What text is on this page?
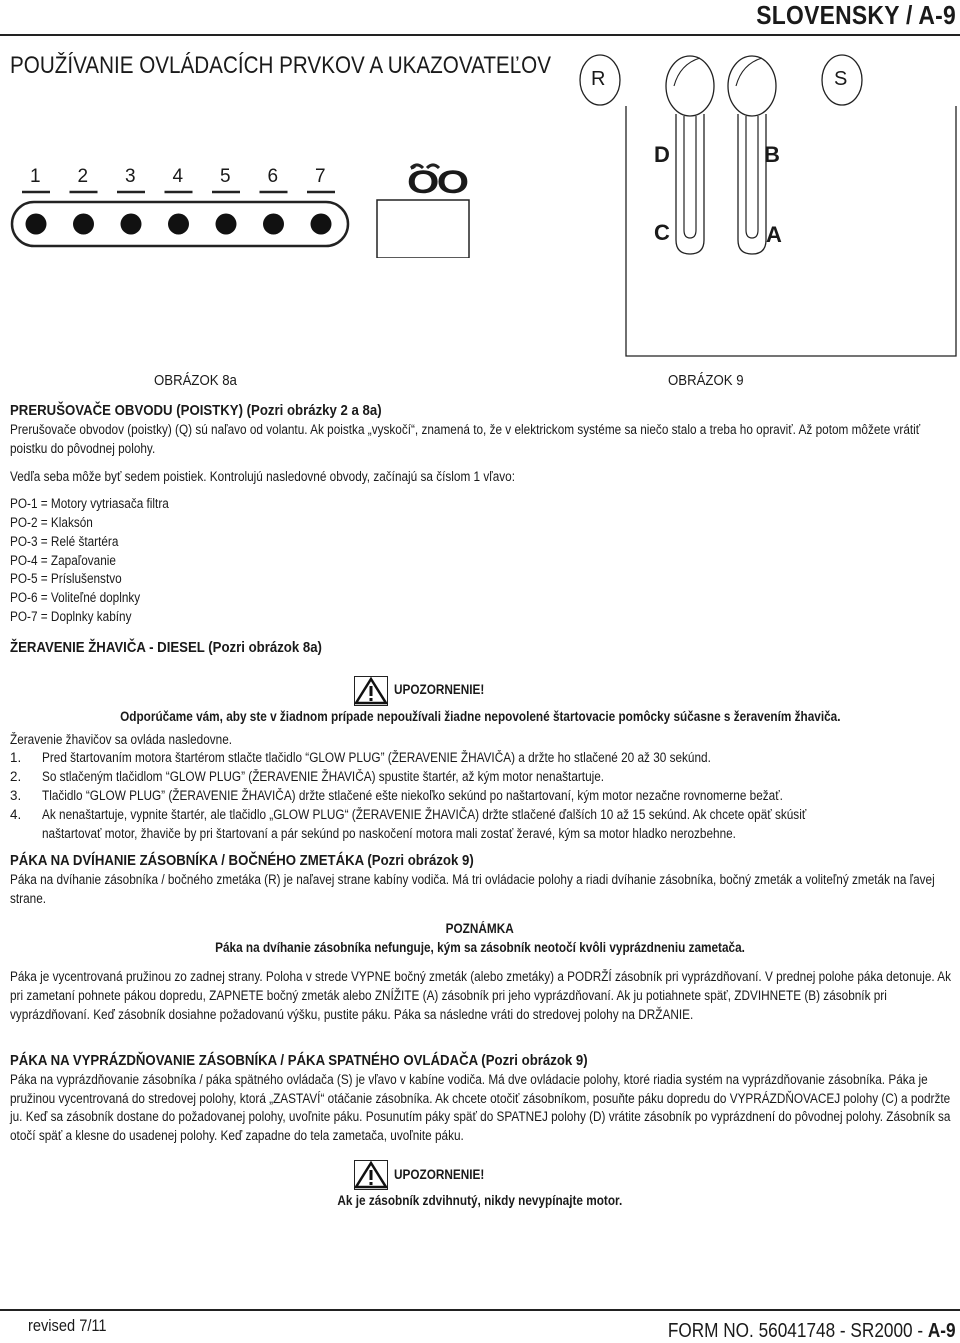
SLOVENSKY / A-9
POUŽÍVANIE OVLÁDACÍCH PRVKOV A UKAZOVATEĽOV
1 2 3 4 5 6 7	OO
R	S
D	B
C	A
OBRÁZOK 8a	OBRÁZOK 9
PRERUŠOVAČE OBVODU (POISTKY) (Pozri obrázky 2 a 8a)
Prerušovače obvodov (poistky) (Q) sú naľavo od volantu. Ak poistka „vyskočí“, znamená to, že v elektrickom systéme sa niečo stalo a treba ho opraviť. Až potom môžete vrátiť poistku do pôvodnej polohy.
Vedľa seba môže byť sedem poistiek. Kontrolujú nasledovné obvody, začínajú sa číslom 1 vľavo:
PO-1 = Motory vytriasača filtra
PO-2 = Klaksón
PO-3 = Relé štartéra
PO-4 = Zapaľovanie
PO-5 = Príslušenstvo
PO-6 = Voliteľné doplnky
PO-7 = Doplnky kabíny
ŽERAVENIE ŽHAVIČA - DIESEL (Pozri obrázok 8a)
UPOZORNENIE!
Odporúčame vám, aby ste v žiadnom prípade nepoužívali žiadne nepovolené štartovacie pomôcky súčasne s žeravením žhaviča.
Žeravenie žhavičov sa ovláda nasledovne.
1.	Pred štartovaním motora štartérom stlačte tlačidlo “GLOW PLUG” (ŽERAVENIE ŽHAVIČA) a držte ho stlačené 20 až 30 sekúnd.
2.	So stlačeným tlačidlom “GLOW PLUG” (ŽERAVENIE ŽHAVIČA) spustite štartér, až kým motor nenaštartuje.
3.	Tlačidlo “GLOW PLUG” (ŽERAVENIE ŽHAVIČA) držte stlačené ešte niekoľko sekúnd po naštartovaní, kým motor nezačne rovnomerne bežať.
4.	Ak nenaštartuje, vypnite štartér, ale tlačidlo „GLOW PLUG“ (ŽERAVENIE ŽHAVIČA) držte stlačené ďalších 10 až 15 sekúnd. Ak chcete opäť skúsiť naštartovať motor, žhaviče by pri štartovaní a pár sekúnd po naskočení motora mali zostať žeravé, kým sa motor hladko nerozbehne.
PÁKA NA DVÍHANIE ZÁSOBNÍKA / BOČNÉHO ZMETÁKA (Pozri obrázok 9)
Páka na dvíhanie zásobníka / bočného zmetáka (R) je naľavej strane kabíny vodiča. Má tri ovládacie polohy a riadi dvíhanie zásobníka, bočný zmeták a voliteľný zmeták na ľavej strane.
POZNÁMKA
Páka na dvíhanie zásobníka nefunguje, kým sa zásobník neotočí kvôli vyprázdneniu zametača.
Páka je vycentrovaná pružinou zo zadnej strany. Poloha v strede VYPNE bočný zmeták (alebo zmetáky) a PODRŽÍ zásobník pri vyprázdňovaní. V prednej polohe páka detonuje. Ak pri zametaní pohnete pákou dopredu, ZAPNETE bočný zmeták alebo ZNÍŽITE (A) zásobník pri jeho vyprázdňovaní. Ak ju potiahnete späť, ZDVIHNETE (B) zásobník pri vyprázdňovaní. Keď zásobník dosiahne požadovanú výšku, pustite páku. Páka sa následne vráti do stredovej polohy na DRŽANIE.
PÁKA NA VYPRÁZDŇOVANIE ZÁSOBNÍKA / PÁKA SPATNÉHO OVLÁDAČA (Pozri obrázok 9)
Páka na vyprázdňovanie zásobníka / páka spätného ovládača (S) je vľavo v kabíne vodiča. Má dve ovládacie polohy, ktoré riadia systém na vyprázdňovanie zásobníka. Páka je pružinou vycentrovaná do stredovej polohy, ktorá „ZASTAVÍ“ otáčanie zásobníka. Ak chcete otočiť zásobníkom, posuňte páku dopredu do VYPRÁZDŇOVACEJ polohy (C) a podržte ju. Keď sa zásobník dostane do požadovanej polohy, uvoľnite páku. Posunutím páky späť do SPATNEJ polohy (D) vrátite zásobník po vyprázdnení do pôvodnej polohy. Zásobník sa otočí späť a klesne do usadenej polohy. Keď zapadne do tela zametača, uvoľnite páku.
UPOZORNENIE!
Ak je zásobník zdvihnutý, nikdy nevypínajte motor.
revised 7/11	FORM NO. 56041748 - SR2000 - A-9
